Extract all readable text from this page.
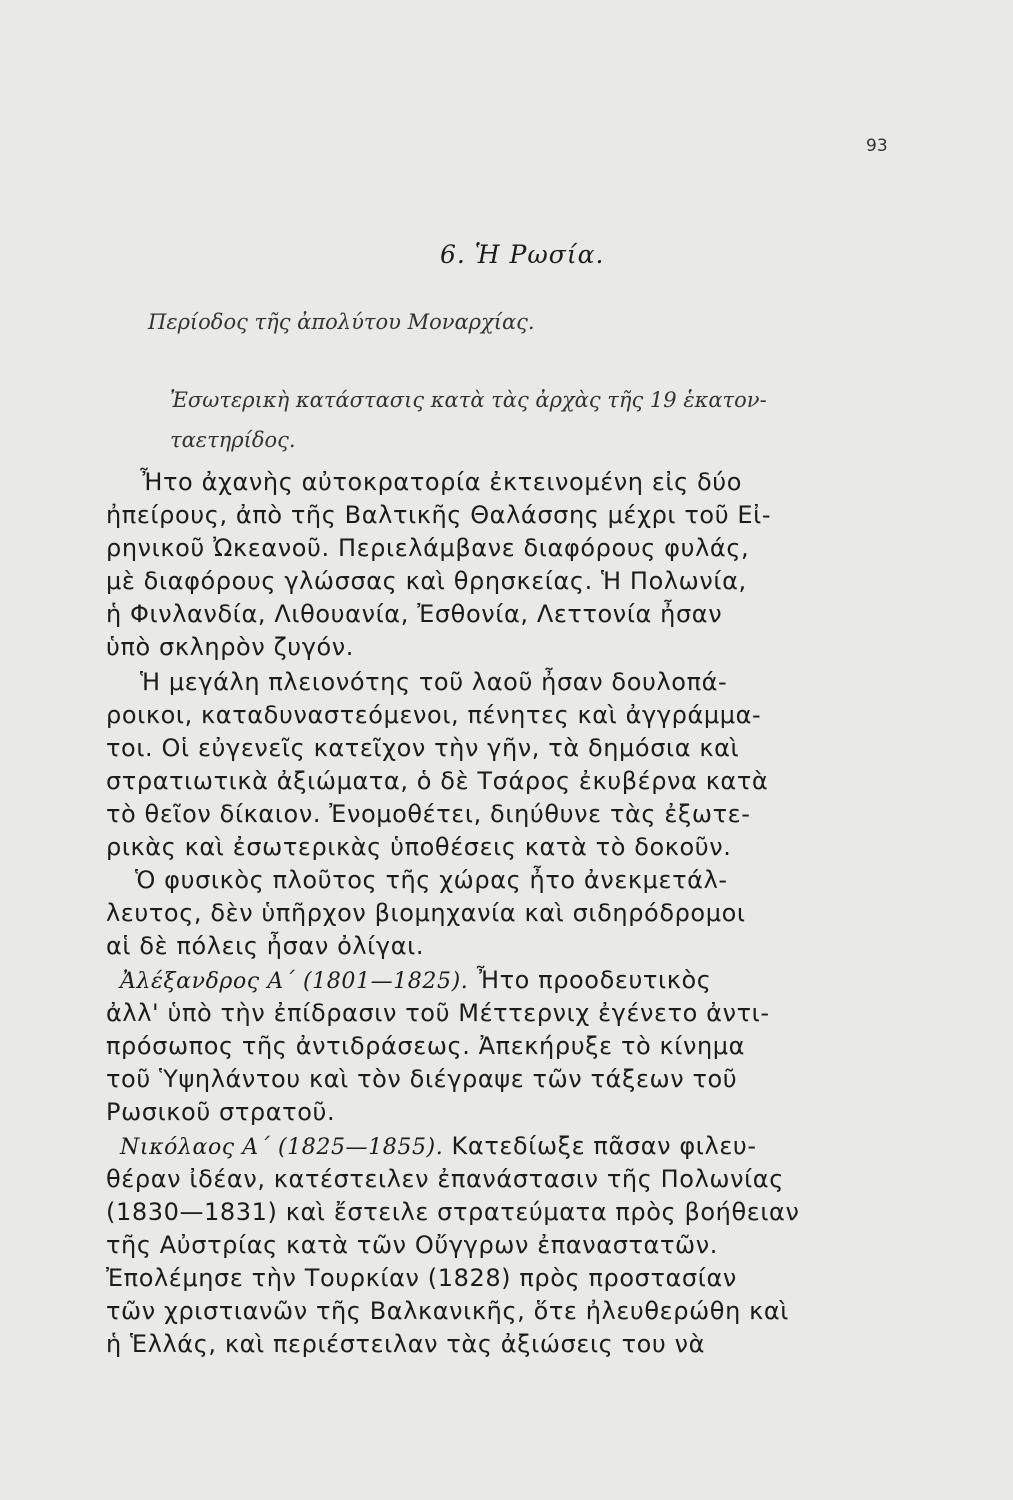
93
6. Ἡ Ρωσία.
Περίοδος τῆς ἀπολύτου Μοναρχίας.
Ἐσωτερικὴ κατάστασις κατὰ τὰς ἀρχὰς τῆς 19 ἑκατον-
ταετηρίδος.
Ἦτο ἀχανὴς αὐτοκρατορία ἐκτεινομένη εἰς δύο
ἠπείρους, ἀπὸ τῆς Βαλτικῆς Θαλάσσης μέχρι τοῦ Εἰ-
ρηνικοῦ Ὠκεανοῦ. Περιελάμβανε διαφόρους φυλάς,
μὲ διαφόρους γλώσσας καὶ θρησκείας. Ἡ Πολωνία,
ἡ Φινλανδία, Λιθουανία, Ἐσθονία, Λεττονία ἦσαν
ὑπὸ σκληρὸν ζυγόν.
Ἡ μεγάλη πλειονότης τοῦ λαοῦ ἦσαν δουλοπά-
ροικοι, καταδυναστεόμενοι, πένητες καὶ ἀγγράμμα-
τοι. Οἱ εὐγενεῖς κατεῖχον τὴν γῆν, τὰ δημόσια καὶ
στρατιωτικὰ ἀξιώματα, ὁ δὲ Τσάρος ἐκυβέρνα κατὰ
τὸ θεῖον δίκαιον. Ἐνομοθέτει, διηύθυνε τὰς ἐξωτε-
ρικὰς καὶ ἐσωτερικὰς ὑποθέσεις κατὰ τὸ δοκοῦν.
Ὁ φυσικὸς πλοῦτος τῆς χώρας ἦτο ἀνεκμετάλ-
λευτος, δὲν ὑπῆρχον βιομηχανία καὶ σιδηρόδρομοι
αἱ δὲ πόλεις ἦσαν ὀλίγαι.
Ἀλέξανδρος Α΄ (1801—1825). Ἦτο προοδευτικὸς
ἀλλ' ὑπὸ τὴν ἐπίδρασιν τοῦ Μέττερνιχ ἐγένετο ἀντι-
πρόσωπος τῆς ἀντιδράσεως. Ἀπεκήρυξε τὸ κίνημα
τοῦ Ὑψηλάντου καὶ τὸν διέγραψε τῶν τάξεων τοῦ
Ρωσικοῦ στρατοῦ.
Νικόλαος Α΄ (1825—1855). Κατεδίωξε πᾶσαν φιλευ-
θέραν ἰδέαν, κατέστειλεν ἐπανάστασιν τῆς Πολωνίας
(1830—1831) καὶ ἔστειλε στρατεύματα πρὸς βοήθειαν
τῆς Αὐστρίας κατὰ τῶν Οὔγγρων ἐπαναστατῶν.
Ἐπολέμησε τὴν Τουρκίαν (1828) πρὸς προστασίαν
τῶν χριστιανῶν τῆς Βαλκανικῆς, ὅτε ἠλευθερώθη καὶ
ἡ Ἑλλάς, καὶ περιέστειλαν τὰς ἀξιώσεις του νὰ
